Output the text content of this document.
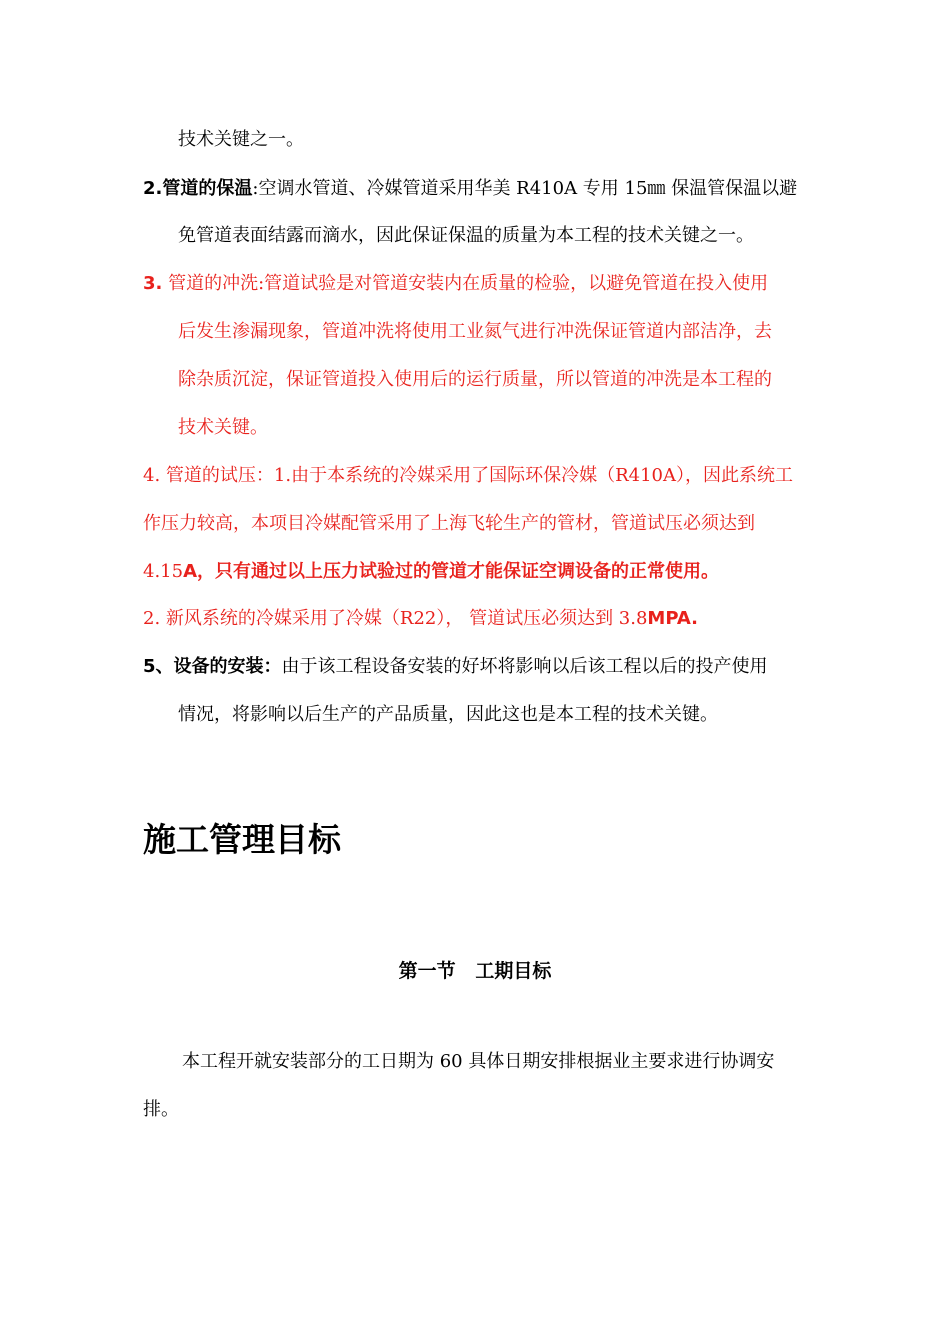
技术关键之一。
2.管道的保温:空调水管道、冷媒管道采用华美 R410A 专用 15㎜ 保温管保温以避
免管道表面结露而滴水，因此保证保温的质量为本工程的技术关键之一。
3. 管道的冲洗:管道试验是对管道安装内在质量的检验，以避免管道在投入使用
后发生渗漏现象，管道冲洗将使用工业氮气进行冲洗保证管道内部洁净，去
除杂质沉淀，保证管道投入使用后的运行质量，所以管道的冲洗是本工程的
技术关键。
4. 管道的试压：1.由于本系统的冷媒采用了国际环保冷媒（R410A），因此系统工
作压力较高，本项目冷媒配管采用了上海飞轮生产的管材，管道试压必须达到
4.15A，只有通过以上压力试验过的管道才能保证空调设备的正常使用。
2. 新风系统的冷媒采用了冷媒（R22）， 管道试压必须达到 3.8MPA.
5、设备的安装：由于该工程设备安装的好坏将影响以后该工程以后的投产使用
情况，将影响以后生产的产品质量，因此这也是本工程的技术关键。
施工管理目标
第一节   工期目标
本工程开就安装部分的工日期为 60 具体日期安排根据业主要求进行协调安
排。
